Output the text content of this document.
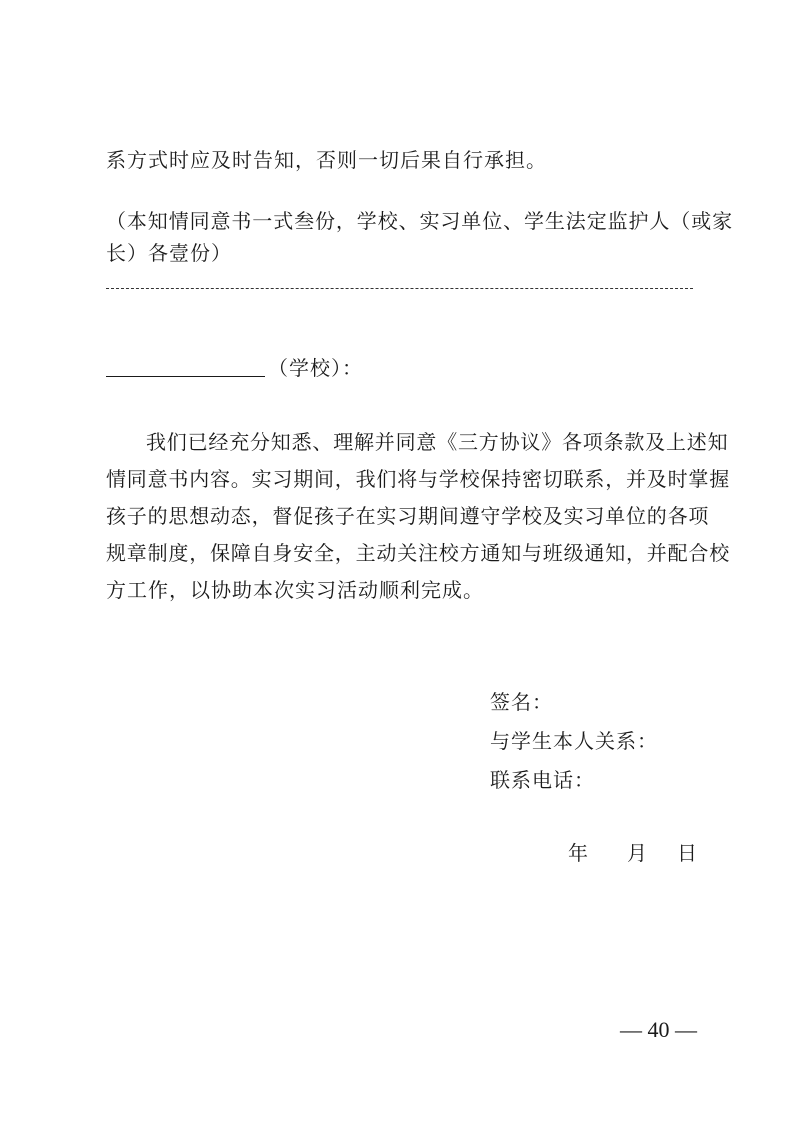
系方式时应及时告知，否则一切后果自行承担。
（本知情同意书一式叁份，学校、实习单位、学生法定监护人（或家
长）各壹份）
（学校）：
我们已经充分知悉、理解并同意《三方协议》各项条款及上述知
情同意书内容。实习期间，我们将与学校保持密切联系，并及时掌握
孩子的思想动态，督促孩子在实习期间遵守学校及实习单位的各项
规章制度，保障自身安全，主动关注校方通知与班级通知，并配合校
方工作，以协助本次实习活动顺利完成。
签名：
与学生本人关系：
联系电话：
年 月 日
— 40 —
